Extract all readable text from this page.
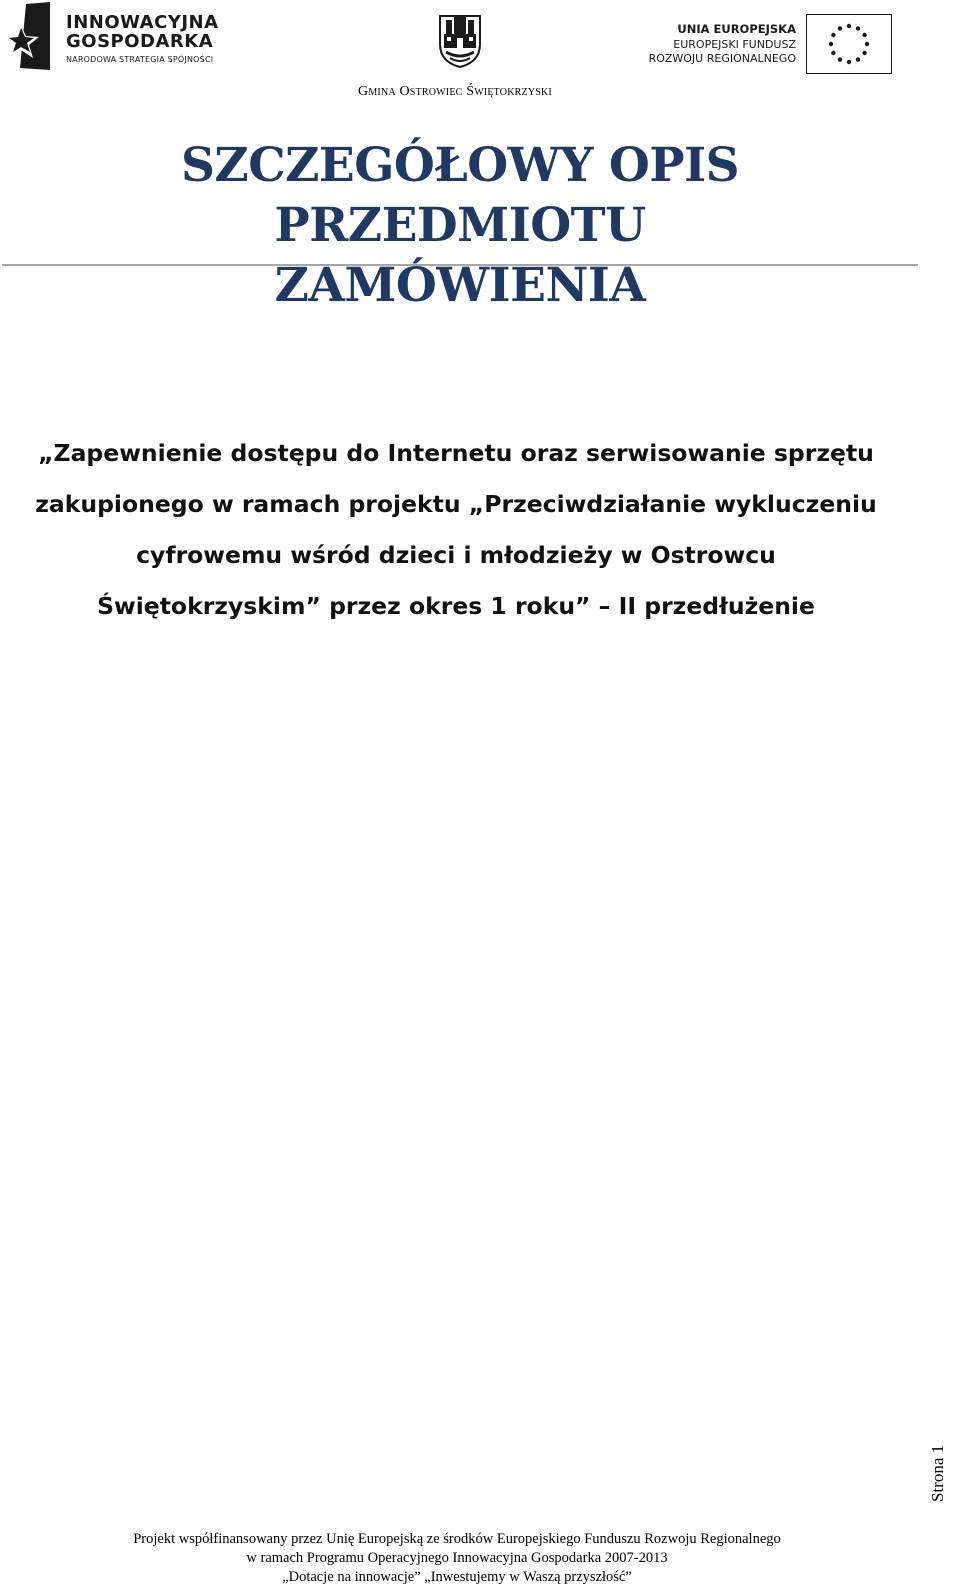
INNOWACYJNA
GOSPODARKA
NARODOWA STRATEGIA SPÓJNOŚCI
UNIA EUROPEJSKA
EUROPEJSKI FUNDUSZ
ROZWOJU REGIONALNEGO
Gmina Ostrowiec Świętokrzyski
SZCZEGÓŁOWY OPIS PRZEDMIOTU
ZAMÓWIENIA
„Zapewnienie dostępu do Internetu oraz serwisowanie sprzętu
zakupionego w ramach projektu „Przeciwdziałanie wykluczeniu
cyfrowemu wśród dzieci i młodzieży w Ostrowcu
Świętokrzyskim” przez okres 1 roku” – II przedłużenie
Strona 1
Projekt współfinansowany przez Unię Europejską ze środków Europejskiego Funduszu Rozwoju Regionalnego
w ramach Programu Operacyjnego Innowacyjna Gospodarka 2007-2013
„Dotacje na innowacje” „Inwestujemy w Waszą przyszłość”
